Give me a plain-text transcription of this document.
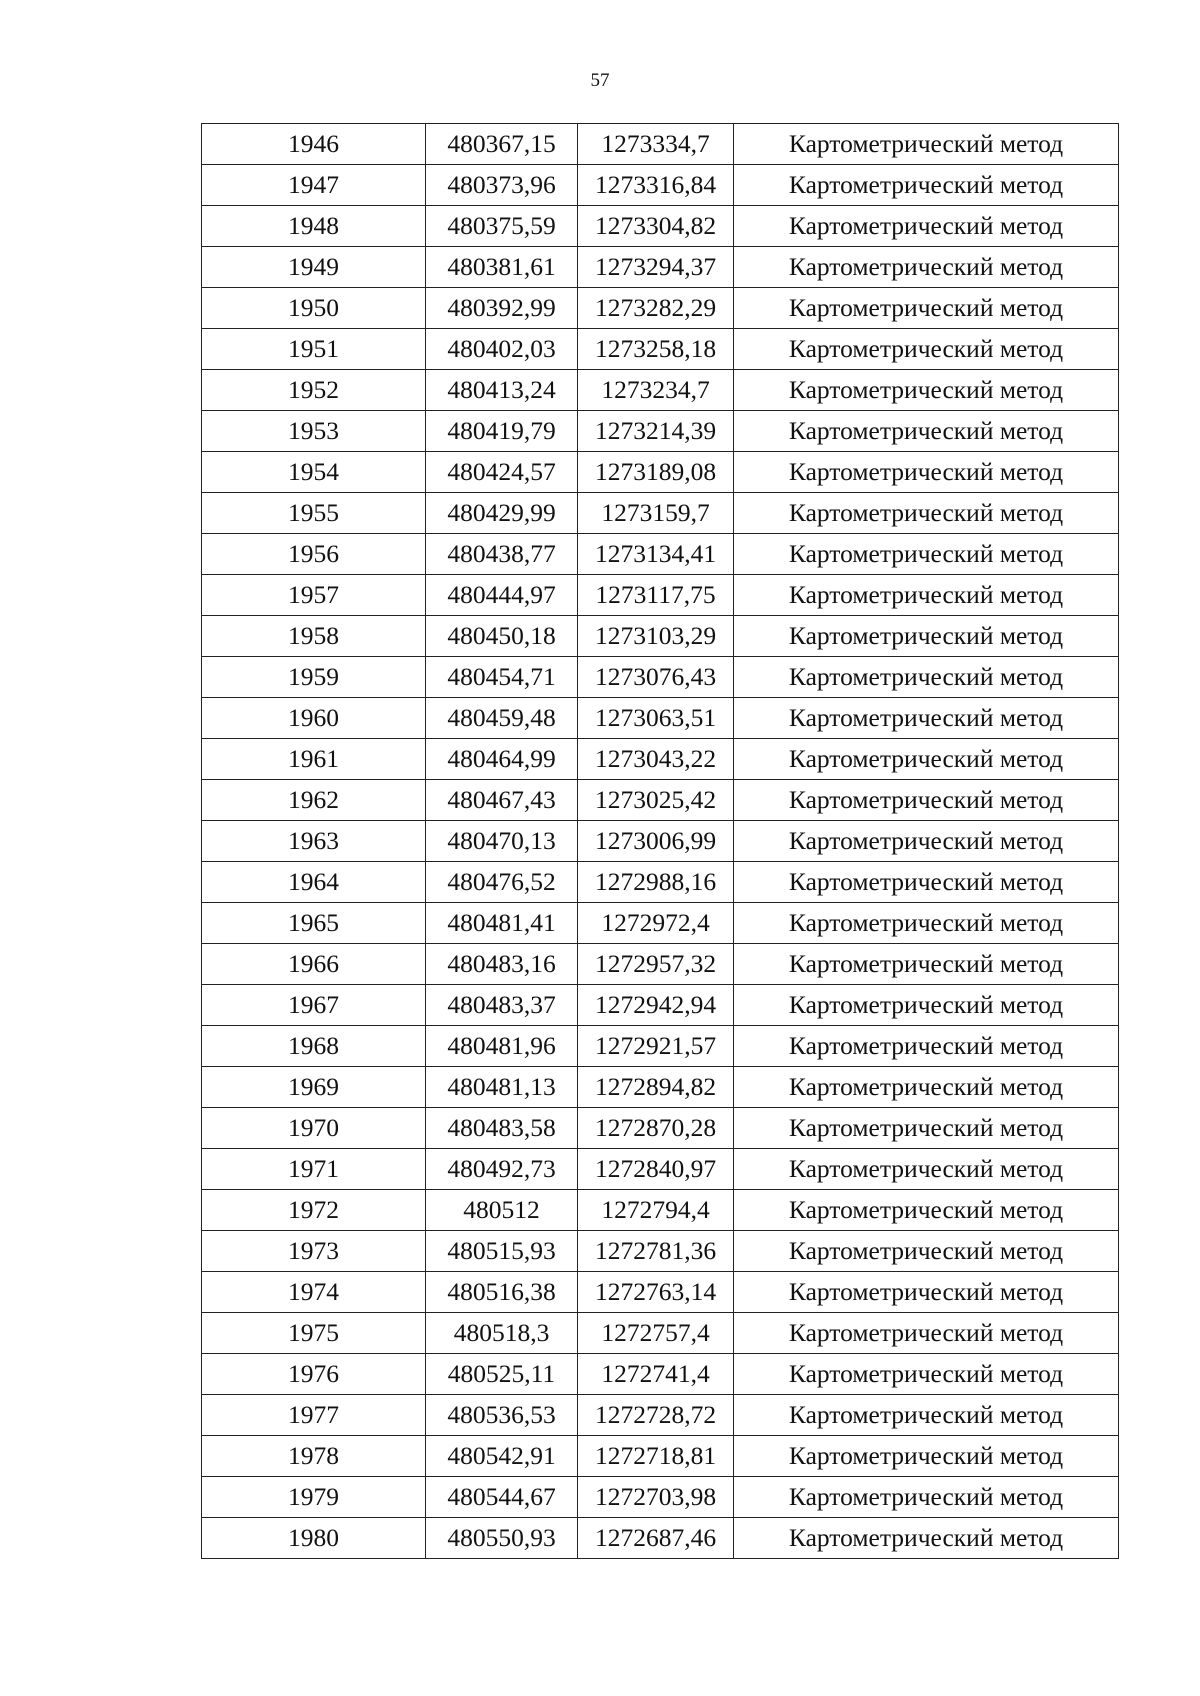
57
1946	480367,15	1273334,7	Картометрический метод
1947	480373,96	1273316,84	Картометрический метод
1948	480375,59	1273304,82	Картометрический метод
1949	480381,61	1273294,37	Картометрический метод
1950	480392,99	1273282,29	Картометрический метод
1951	480402,03	1273258,18	Картометрический метод
1952	480413,24	1273234,7	Картометрический метод
1953	480419,79	1273214,39	Картометрический метод
1954	480424,57	1273189,08	Картометрический метод
1955	480429,99	1273159,7	Картометрический метод
1956	480438,77	1273134,41	Картометрический метод
1957	480444,97	1273117,75	Картометрический метод
1958	480450,18	1273103,29	Картометрический метод
1959	480454,71	1273076,43	Картометрический метод
1960	480459,48	1273063,51	Картометрический метод
1961	480464,99	1273043,22	Картометрический метод
1962	480467,43	1273025,42	Картометрический метод
1963	480470,13	1273006,99	Картометрический метод
1964	480476,52	1272988,16	Картометрический метод
1965	480481,41	1272972,4	Картометрический метод
1966	480483,16	1272957,32	Картометрический метод
1967	480483,37	1272942,94	Картометрический метод
1968	480481,96	1272921,57	Картометрический метод
1969	480481,13	1272894,82	Картометрический метод
1970	480483,58	1272870,28	Картометрический метод
1971	480492,73	1272840,97	Картометрический метод
1972	480512	1272794,4	Картометрический метод
1973	480515,93	1272781,36	Картометрический метод
1974	480516,38	1272763,14	Картометрический метод
1975	480518,3	1272757,4	Картометрический метод
1976	480525,11	1272741,4	Картометрический метод
1977	480536,53	1272728,72	Картометрический метод
1978	480542,91	1272718,81	Картометрический метод
1979	480544,67	1272703,98	Картометрический метод
1980	480550,93	1272687,46	Картометрический метод
